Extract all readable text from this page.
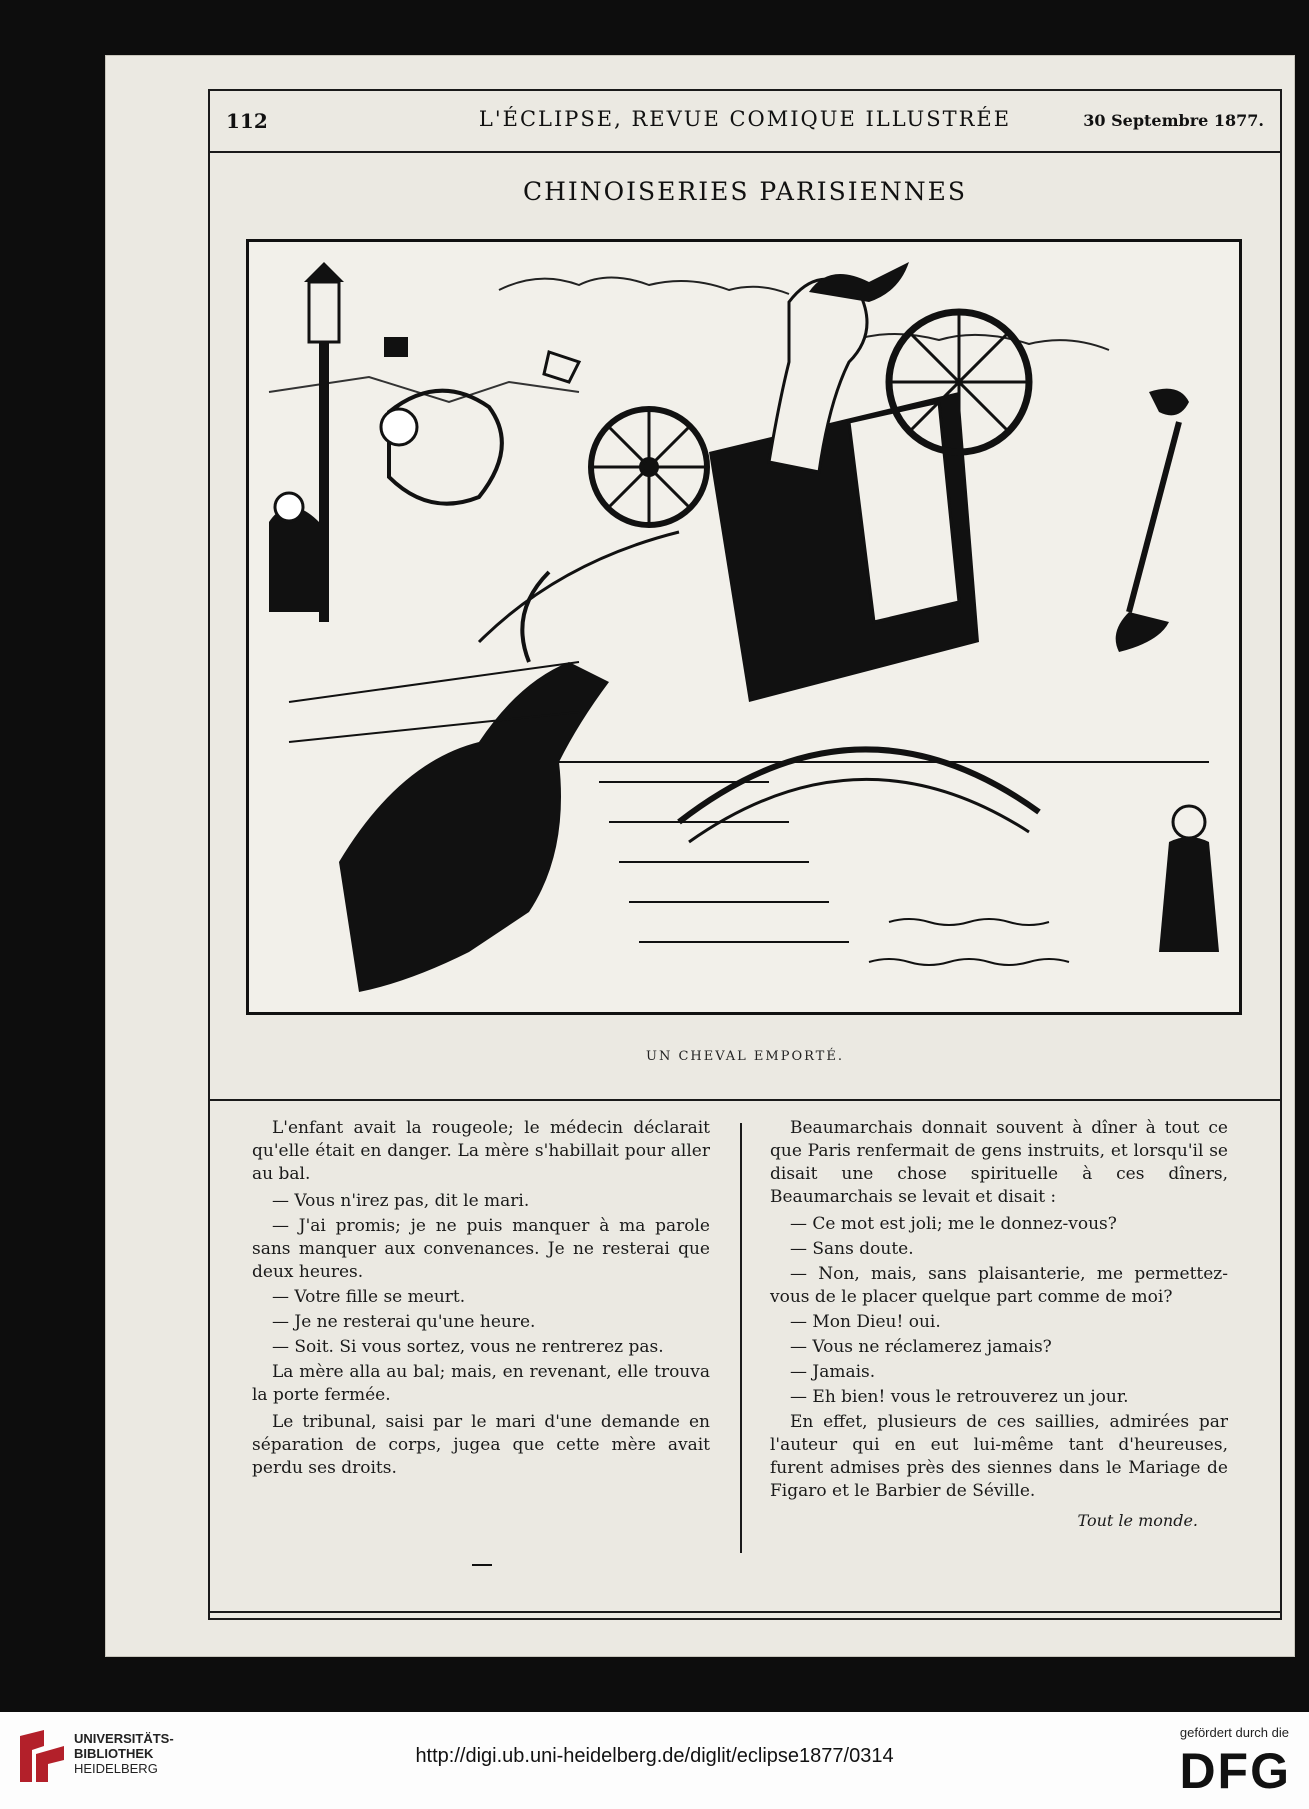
112	L'ÉCLIPSE, REVUE COMIQUE ILLUSTRÉE	30 Septembre 1877.
CHINOISERIES PARISIENNES
UN CHEVAL EMPORTÉ.

L'enfant avait la rougeole; le médecin déclarait qu'elle était en danger. La mère s'habillait pour aller au bal.

— Vous n'irez pas, dit le mari.

— J'ai promis; je ne puis manquer à ma parole sans manquer aux convenances. Je ne resterai que deux heures.

— Votre fille se meurt.

— Je ne resterai qu'une heure.

— Soit. Si vous sortez, vous ne rentrerez pas.

La mère alla au bal; mais, en revenant, elle trouva la porte fermée.

Le tribunal, saisi par le mari d'une demande en séparation de corps, jugea que cette mère avait perdu ses droits.

Beaumarchais donnait souvent à dîner à tout ce que Paris renfermait de gens instruits, et lorsqu'il se disait une chose spirituelle à ces dîners, Beaumarchais se levait et disait :

— Ce mot est joli; me le donnez-vous?

— Sans doute.

— Non, mais, sans plaisanterie, me permettez-vous de le placer quelque part comme de moi?

— Mon Dieu! oui.

— Vous ne réclamerez jamais?

— Jamais.

— Eh bien! vous le retrouverez un jour.

En effet, plusieurs de ces saillies, admirées par l'auteur qui en eut lui-même tant d'heureuses, furent admises près des siennes dans le Mariage de Figaro et le Barbier de Séville.

Tout le monde.
UNIVERSITÄTS-
BIBLIOTHEK
HEIDELBERG
http://digi.ub.uni-heidelberg.de/diglit/eclipse1877/0314
gefördert durch die
DFG
